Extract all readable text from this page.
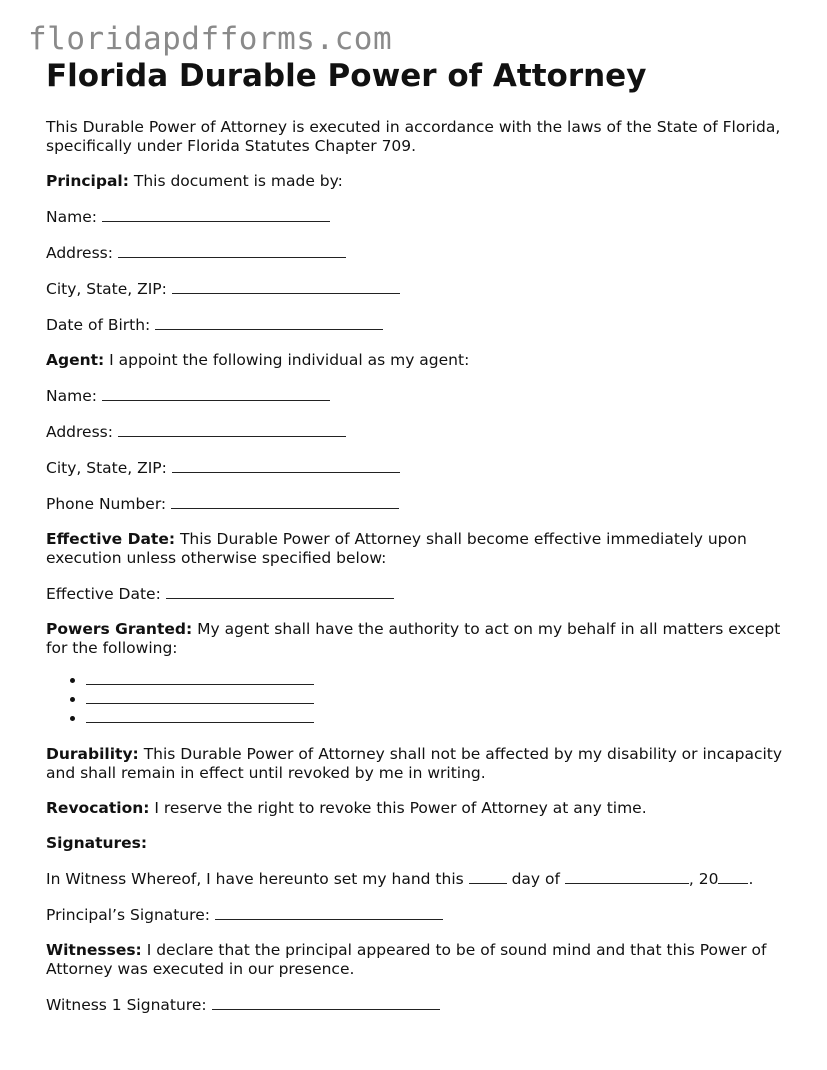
floridapdfforms.com
Florida Durable Power of Attorney

This Durable Power of Attorney is executed in accordance with the laws of the State of Florida, specifically under Florida Statutes Chapter 709.

Principal: This document is made by:

Name:

Address:

City, State, ZIP:

Date of Birth:

Agent: I appoint the following individual as my agent:

Name:

Address:

City, State, ZIP:

Phone Number:

Effective Date: This Durable Power of Attorney shall become effective immediately upon execution unless otherwise specified below:

Effective Date:

Powers Granted: My agent shall have the authority to act on my behalf in all matters except for the following:

•
•
•

Durability: This Durable Power of Attorney shall not be affected by my disability or incapacity and shall remain in effect until revoked by me in writing.

Revocation: I reserve the right to revoke this Power of Attorney at any time.

Signatures:

In Witness Whereof, I have hereunto set my hand this  day of	, 20 .

Principal’s Signature:

Witnesses: I declare that the principal appeared to be of sound mind and that this Power of Attorney was executed in our presence.

Witness 1 Signature:
